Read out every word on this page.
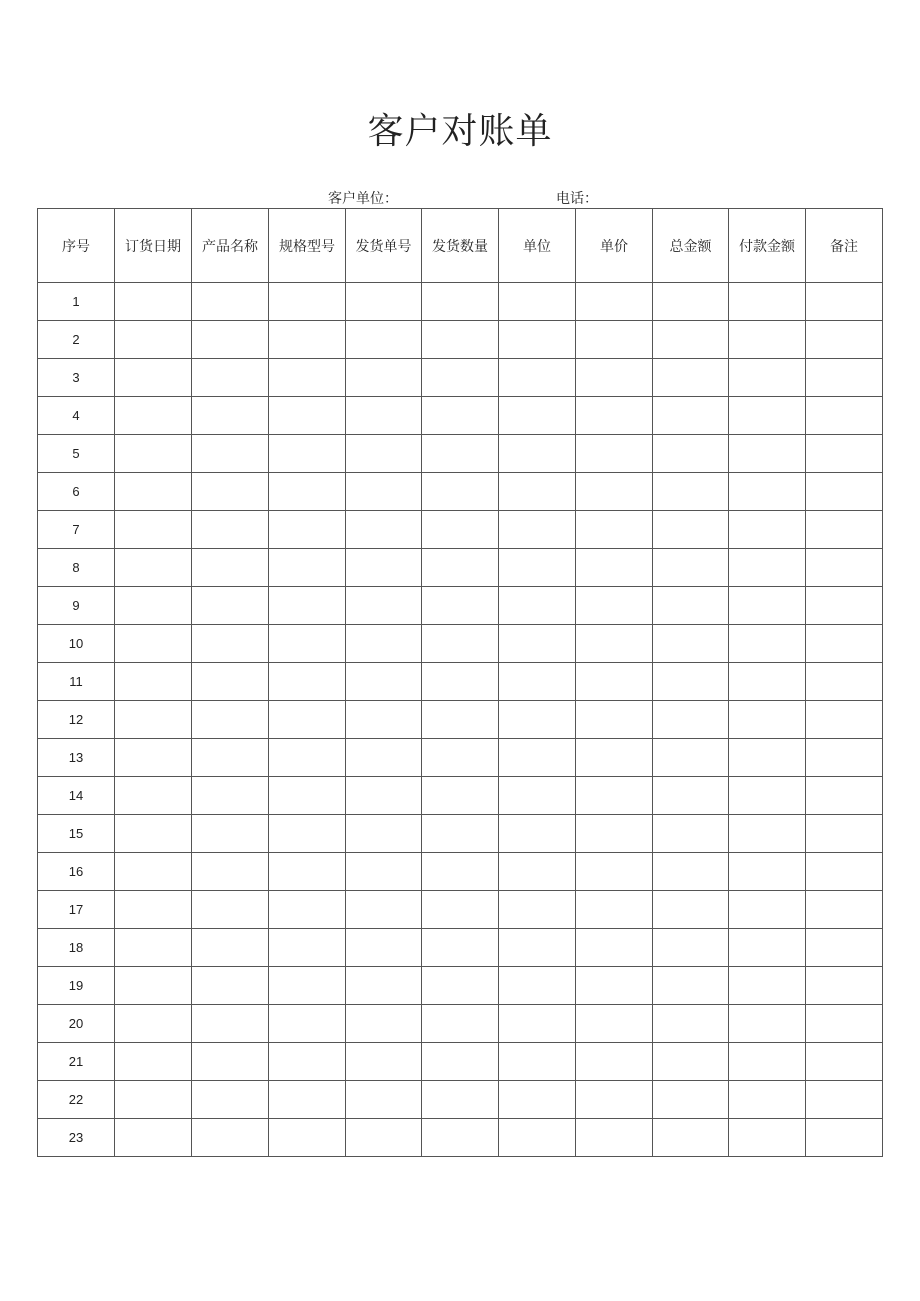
客户对账单
客户单位：	电话：
序号	订货日期	产品名称	规格型号	发货单号	发货数量	单位	单价	总金额	付款金额	备注
1										
2										
3										
4										
5										
6										
7										
8										
9										
10										
11										
12										
13										
14										
15										
16										
17										
18										
19										
20										
21										
22										
23										
